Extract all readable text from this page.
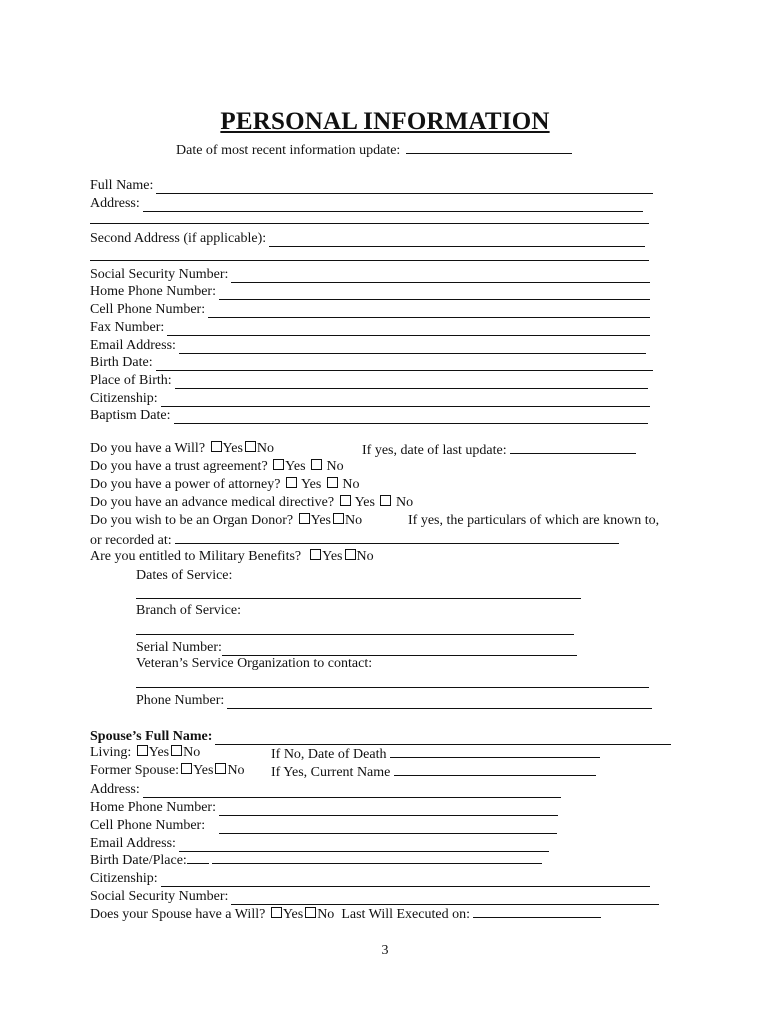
PERSONAL INFORMATION
Date of most recent information update:
Full Name:
Address:
Second Address (if applicable):
Social Security Number:
Home Phone Number:
Cell Phone Number:
Fax Number:
Email Address:
Birth Date:
Place of Birth:
Citizenship:
Baptism Date:
Do you have a Will? Yes No	If yes, date of last update:
Do you have a trust agreement? Yes No
Do you have a power of attorney? Yes No
Do you have an advance medical directive? Yes No
Do you wish to be an Organ Donor? Yes No	If yes, the particulars of which are known to,
or recorded at:
Are you entitled to Military Benefits? Yes No
Dates of Service:
Branch of Service:
Serial Number:
Veteran’s Service Organization to contact:
Phone Number:
Spouse’s Full Name:
Living: Yes No	If No, Date of Death
Former Spouse: Yes No If Yes, Current Name
Address:
Home Phone Number:
Cell Phone Number:
Email Address:
Birth Date/Place:
Citizenship:
Social Security Number:
Does your Spouse have a Will? Yes No Last Will Executed on:
3
